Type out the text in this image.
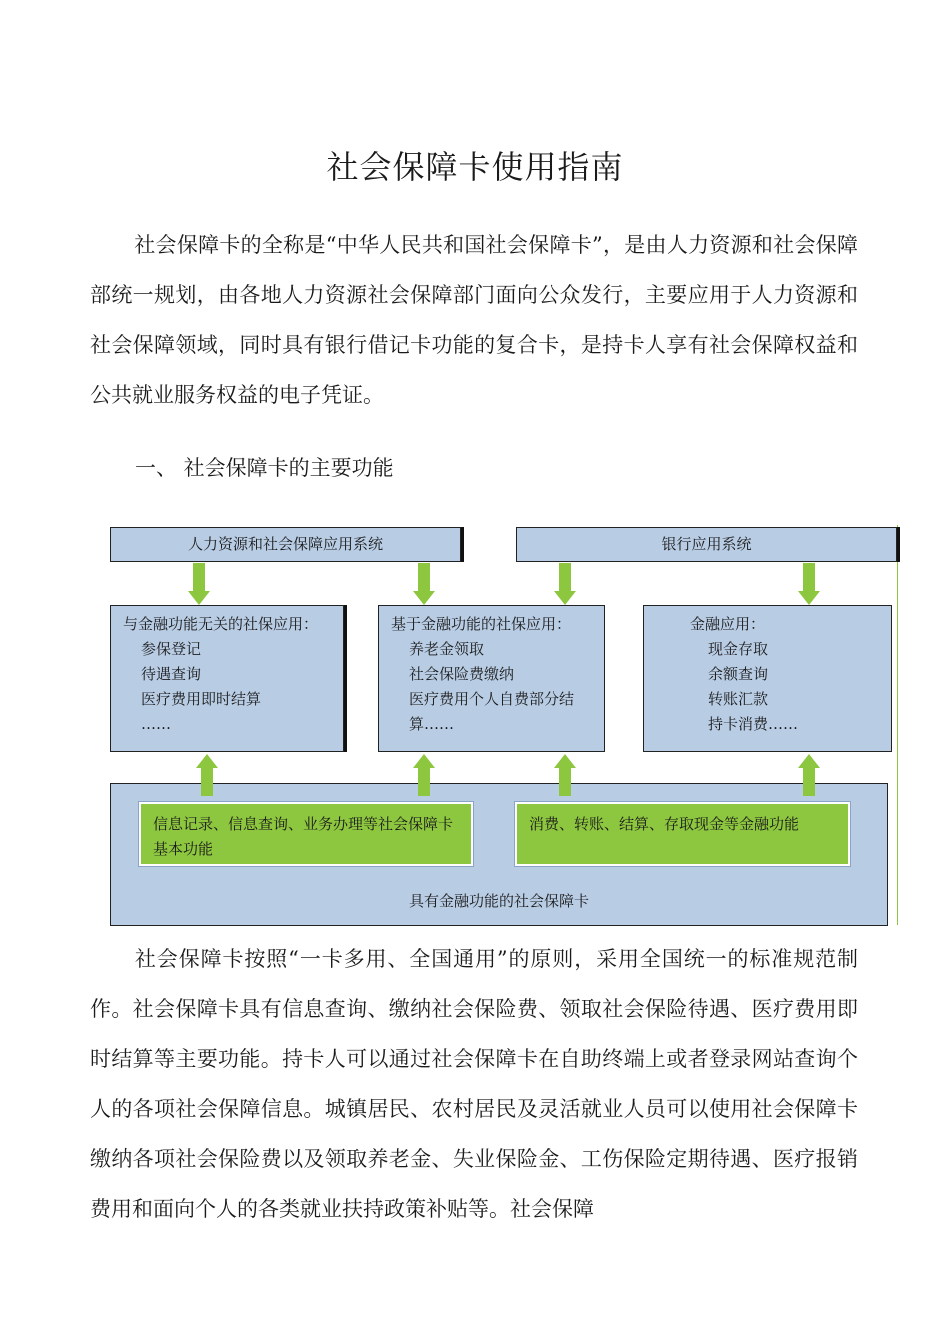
社会保障卡使用指南

社会保障卡的全称是“中华人民共和国社会保障卡”，是由人力资源和社会保障部统一规划，由各地人力资源社会保障部门面向公众发行，主要应用于人力资源和社会保障领域，同时具有银行借记卡功能的复合卡，是持卡人享有社会保障权益和公共就业服务权益的电子凭证。

一、 社会保障卡的主要功能
人力资源和社会保障应用系统	银行应用系统
与金融功能无关的社保应用：
参保登记
待遇查询
医疗费用即时结算
……
基于金融功能的社保应用：
养老金领取
社会保险费缴纳
医疗费用个人自费部分结
算……
金融应用：
现金存取
余额查询
转账汇款
持卡消费……
具有金融功能的社会保障卡
信息记录、信息查询、业务办理等社会保障卡基本功能
消费、转账、结算、存取现金等金融功能

社会保障卡按照“一卡多用、全国通用”的原则，采用全国统一的标准规范制作。社会保障卡具有信息查询、缴纳社会保险费、领取社会保险待遇、医疗费用即时结算等主要功能。持卡人可以通过社会保障卡在自助终端上或者登录网站查询个人的各项社会保障信息。城镇居民、农村居民及灵活就业人员可以使用社会保障卡缴纳各项社会保险费以及领取养老金、失业保险金、工伤保险定期待遇、医疗报销费用和面向个人的各类就业扶持政策补贴等。社会保障
